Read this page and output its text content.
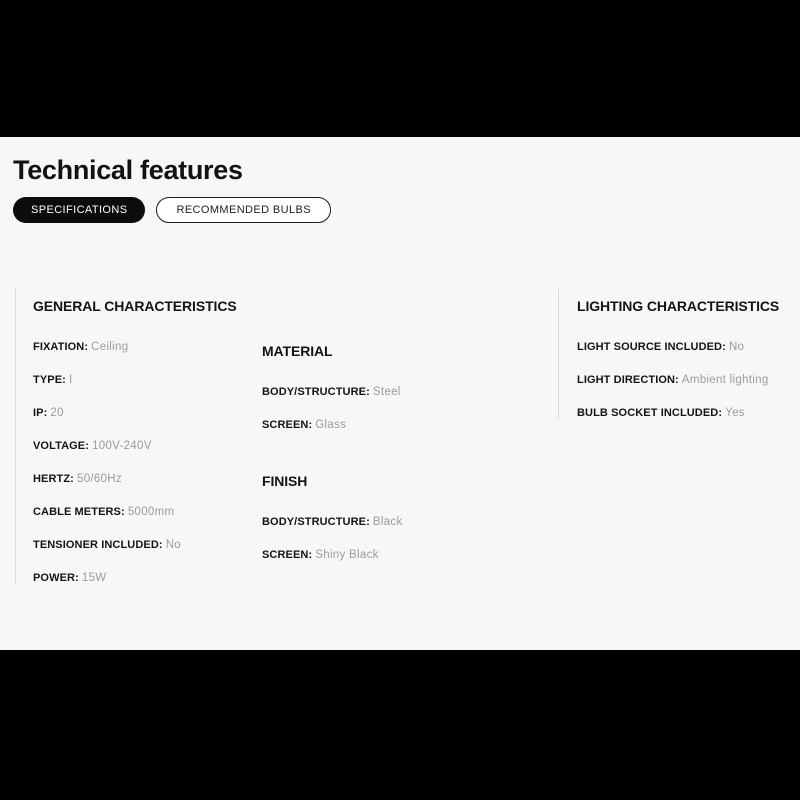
Technical features
SPECIFICATIONS	RECOMMENDED BULBS
GENERAL CHARACTERISTICS
FIXATION: Ceiling
TYPE: I
IP: 20
VOLTAGE: 100V-240V
HERTZ: 50/60Hz
CABLE METERS: 5000mm
TENSIONER INCLUDED: No
POWER: 15W
MATERIAL
BODY/STRUCTURE: Steel
SCREEN: Glass
FINISH
BODY/STRUCTURE: Black
SCREEN: Shiny Black
LIGHTING CHARACTERISTICS
LIGHT SOURCE INCLUDED: No
LIGHT DIRECTION: Ambient lighting
BULB SOCKET INCLUDED: Yes
